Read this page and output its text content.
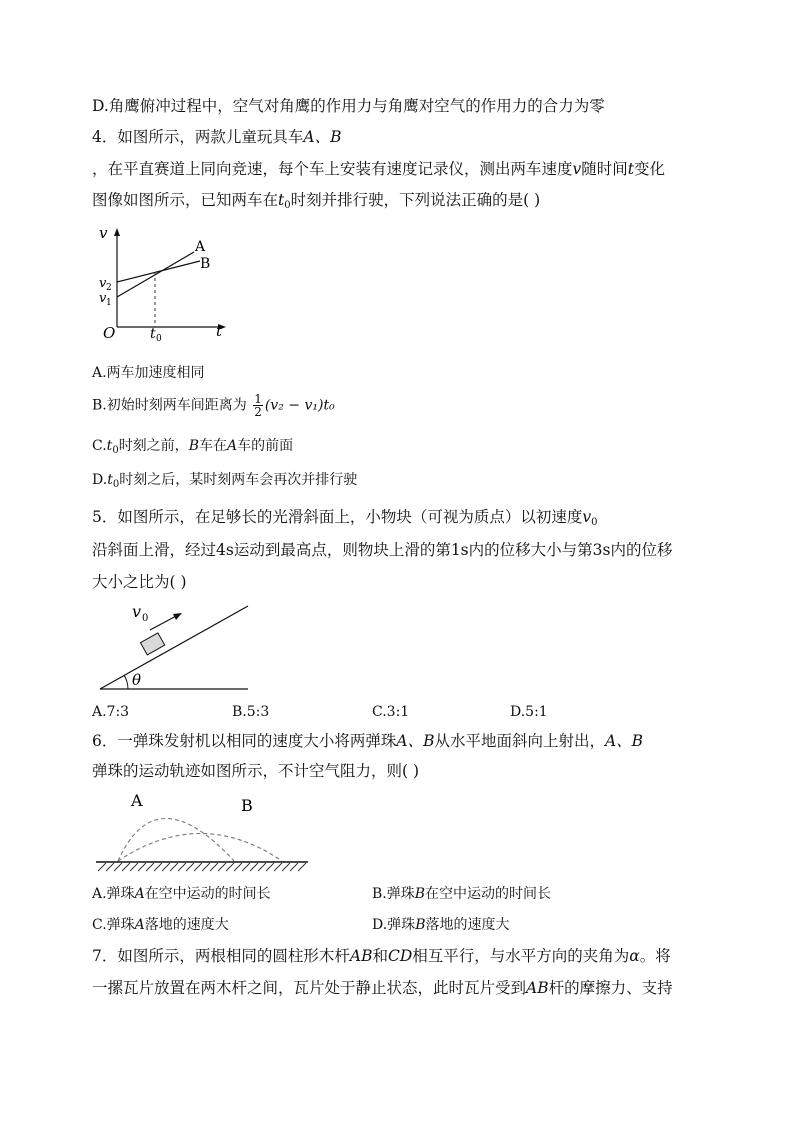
D.角鹰俯冲过程中，空气对角鹰的作用力与角鹰对空气的作用力的合力为零
4．如图所示，两款儿童玩具车A、B
，在平直赛道上同向竞速，每个车上安装有速度记录仪，测出两车速度v随时间t变化
图像如图所示，已知两车在$t_0$时刻并排行驶，下列说法正确的是( )
v
t
O
v 2
v 1
t 0
A
B
A.两车加速度相同
B.初始时刻两车间距离为 $\frac{1}{2} (v_2 - v_1)t_0$
$C.t_0$时刻之前，B车在A车的前面
$D.t_0$时刻之后，某时刻两车会再次并排行驶
5．如图所示，在足够长的光滑斜面上，小物块（可视为质点）以初速度$v_0$
沿斜面上滑，经过4s运动到最高点，则物块上滑的第1s内的位移大小与第3s内的位移
大小之比为( )
θ
v 0
A.7:3	B.5:3	C.3:1	D.5:1
6．一弹珠发射机以相同的速度大小将两弹珠A、B从水平地面斜向上射出，A、B
弹珠的运动轨迹如图所示，不计空气阻力，则( )
A	B
A.弹珠A在空中运动的时间长	B.弹珠B在空中运动的时间长
C.弹珠A落地的速度大	D.弹珠B落地的速度大
7．如图所示，两根相同的圆柱形木杆AB和CD相互平行，与水平方向的夹角为α。将
一摞瓦片放置在两木杆之间，瓦片处于静止状态，此时瓦片受到AB杆的摩擦力、支持
